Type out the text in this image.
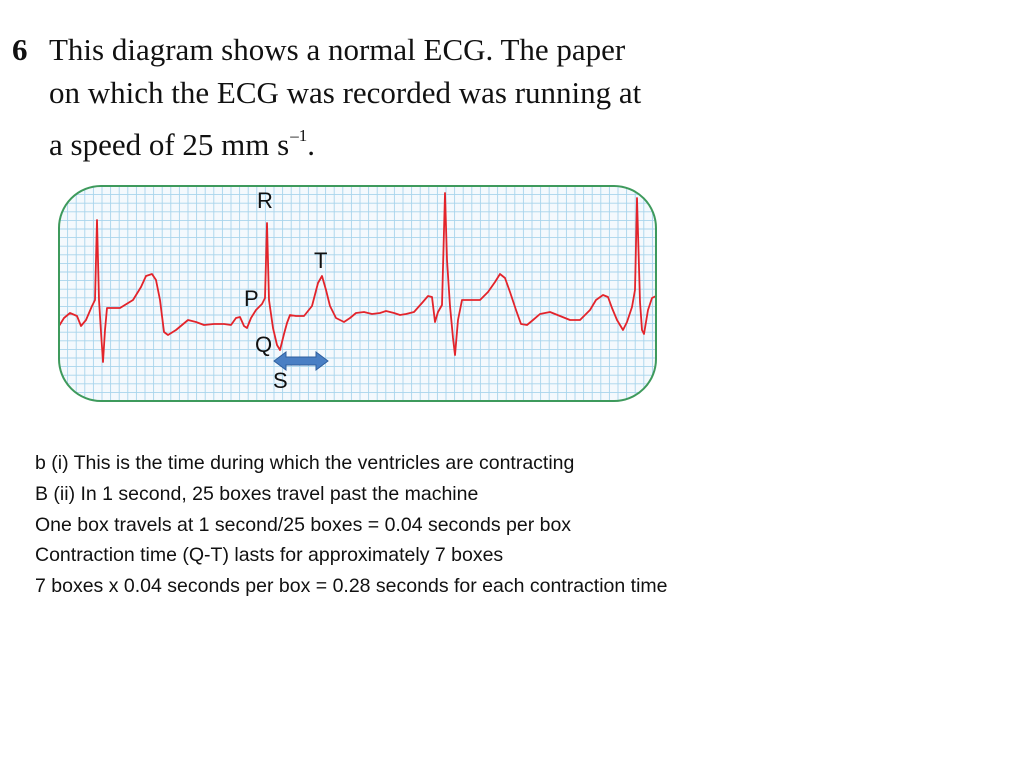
6 This diagram shows a normal ECG. The paper
on which the ECG was recorded was running at
a speed of 25 mm $s^{-1}$.
R
T
P
Q
S
b (i) This is the time during which the ventricles are contracting
B (ii) In 1 second, 25 boxes travel past the machine
One box travels at 1 second/25 boxes = 0.04 seconds per box
Contraction time (Q-T) lasts for approximately 7 boxes
7 boxes x 0.04 seconds per box = 0.28 seconds for each contraction time
